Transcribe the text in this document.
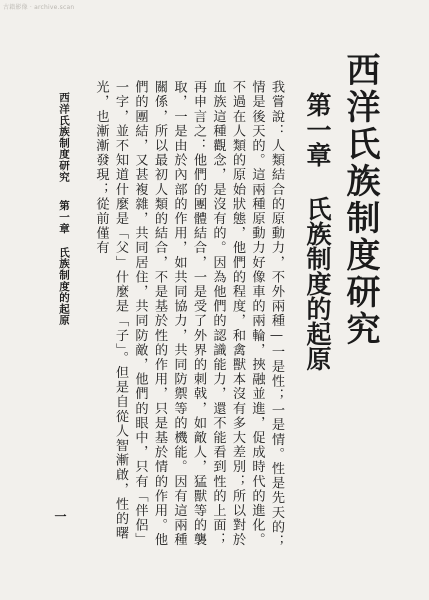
古籍影像 · archive.scan
西洋氏族制度研究
第一章 氏族制度的起原

我嘗說：人類結合的原動力，不外兩種—一是性；一是情。性是先天的；情是後天的。這兩種原動力好像車的兩輪，挾融並進，促成時代的進化。不過在人類的原始狀態，他們的程度，和禽獸本沒有多大差別；所以對於血族這種觀念，是沒有的。因為他們的認識能力，還不能看到性的上面；再申言之：他們的團體結合，一是受了外界的刺戟，如敵人，猛獸等的襲取，一是由於內部的作用，如共同協力，共同防禦等的機能。因有這兩種關係，所以最初人類的結合，不是基於性的作用，只是基於情的作用。他們的團結，又甚複雜，共同居住，共同防敵，他們的眼中，只有「伴侶」一字，並不知道什麼是「父」什麼是「子」。但是自從人智漸啟，性的曙光，也漸漸發現；從前僅有

西洋氏族制度研究第一章 氏族制度的起原
一
